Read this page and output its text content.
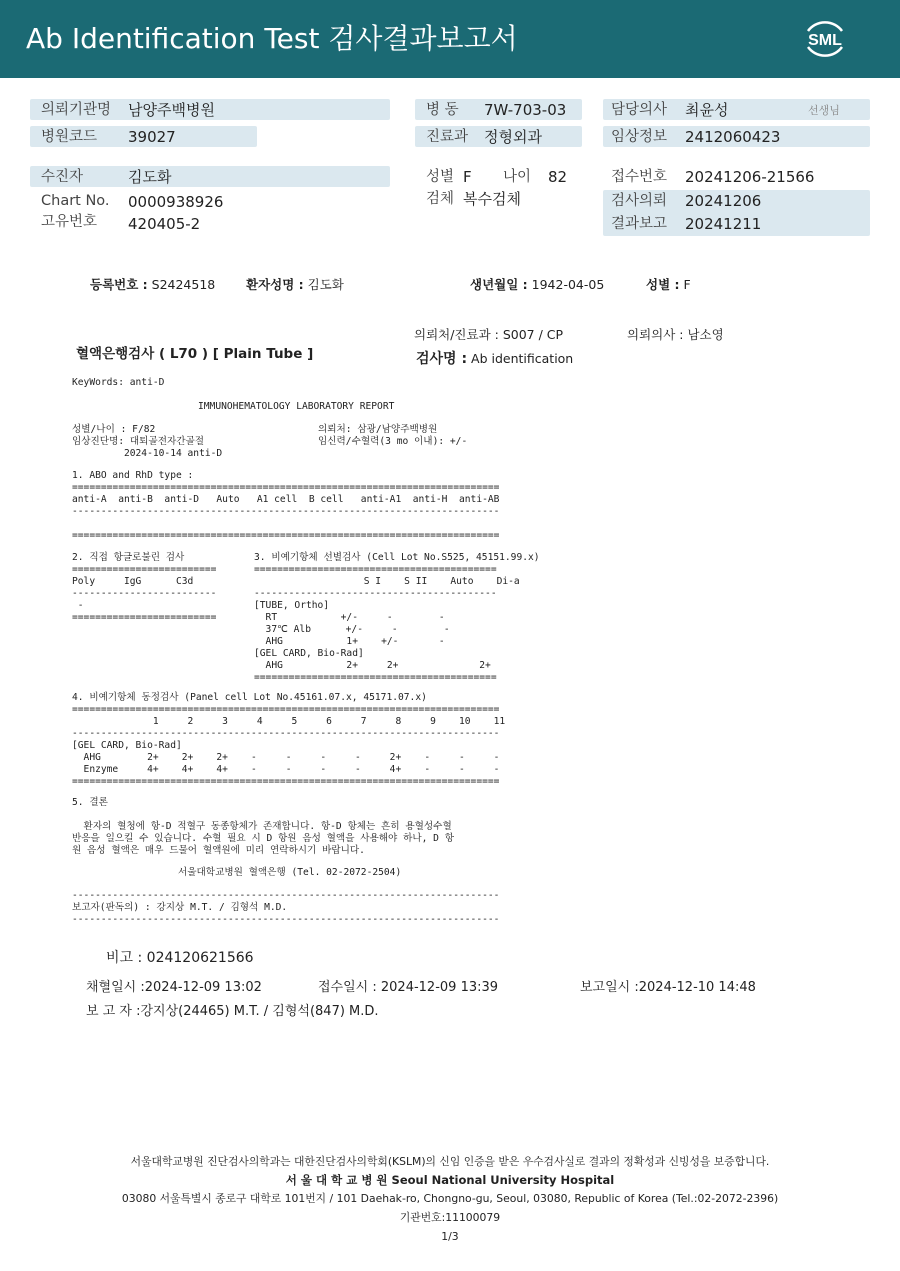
Ab Identification Test 검사결과보고서	SML
의뢰기관명 남양주백병원
병원코드 39027
병 동 7W-703-03
진료과 정형외과
담당의사 최윤성	선생님
임상정보 2412060423
수진자	김도화
Chart No. 0000938926
고유번호 420405-2
성별 F 나이 82
검체 복수검체
접수번호 20241206-21566
검사의뢰 20241206
결과보고 20241211
등록번호 : S2424518 환자성명 : 김도화	생년월일 : 1942-04-05	성별 : F
의뢰처/진료과 : S007 / CP	의뢰의사 : 남소영
혈액은행검사 ( L70 ) [ Plain Tube ]	검사명 : Ab identification
KeyWords: anti-D
IMMUNOHEMATOLOGY LABORATORY REPORT
성별/나이 : F/82
임상진단명: 대퇴골전자간골절
2024-10-14 anti-D
의뢰처: 삼광/남양주백병원
임신력/수혈력(3 mo 이내): +/-
1. ABO and RhD type :
==========================================================================
anti-A  anti-B  anti-D   Auto   A1 cell  B cell   anti-A1  anti-H  anti-AB
--------------------------------------------------------------------------

==========================================================================
2. 직접 항글로불린 검사
=========================
Poly     IgG      C3d
-------------------------
-
=========================
3. 비예기항체 선별검사 (Cell Lot No.S525, 45151.99.x)
==========================================
S I    S II    Auto    Di-a
------------------------------------------
[TUBE, Ortho]
RT           +/-     -        -
37℃ Alb      +/-     -        -
AHG           1+    +/-       -
[GEL CARD, Bio-Rad]
AHG           2+     2+              2+
==========================================
4. 비예기항체 동정검사 (Panel cell Lot No.45161.07.x, 45171.07.x)
==========================================================================
1     2     3     4     5     6     7     8     9    10    11
--------------------------------------------------------------------------
[GEL CARD, Bio-Rad]
AHG        2+    2+    2+    -     -     -     -     2+    -     -     -
Enzyme     4+    4+    4+    -     -     -     -     4+    -     -     -
==========================================================================
5. 결론
환자의 혈청에 항-D 적혈구 동종항체가 존재합니다. 항-D 항체는 흔히 용혈성수혈
반응을 일으킬 수 있습니다. 수혈 필요 시 D 항원 음성 혈액을 사용해야 하나, D 항
원 음성 혈액은 매우 드물어 혈액원에 미리 연락하시기 바랍니다.
서울대학교병원 혈액은행 (Tel. 02-2072-2504)
--------------------------------------------------------------------------
보고자(판독의) : 강지상 M.T. / 김형석 M.D.
--------------------------------------------------------------------------
비고 : 024120621566
채혈일시 :2024-12-09 13:02	접수일시 : 2024-12-09 13:39	보고일시 :2024-12-10 14:48
보 고 자 :강지상(24465) M.T. / 김형석(847) M.D.
서울대학교병원 진단검사의학과는 대한진단검사의학회(KSLM)의 신임 인증을 받은 우수검사실로 결과의 정확성과 신빙성을 보증합니다.
서 울 대 학 교 병 원 Seoul National University Hospital
03080 서울특별시 종로구 대학로 101번지 / 101 Daehak-ro, Chongno-gu, Seoul, 03080, Republic of Korea (Tel.:02-2072-2396)
기관번호:11100079
1/3
